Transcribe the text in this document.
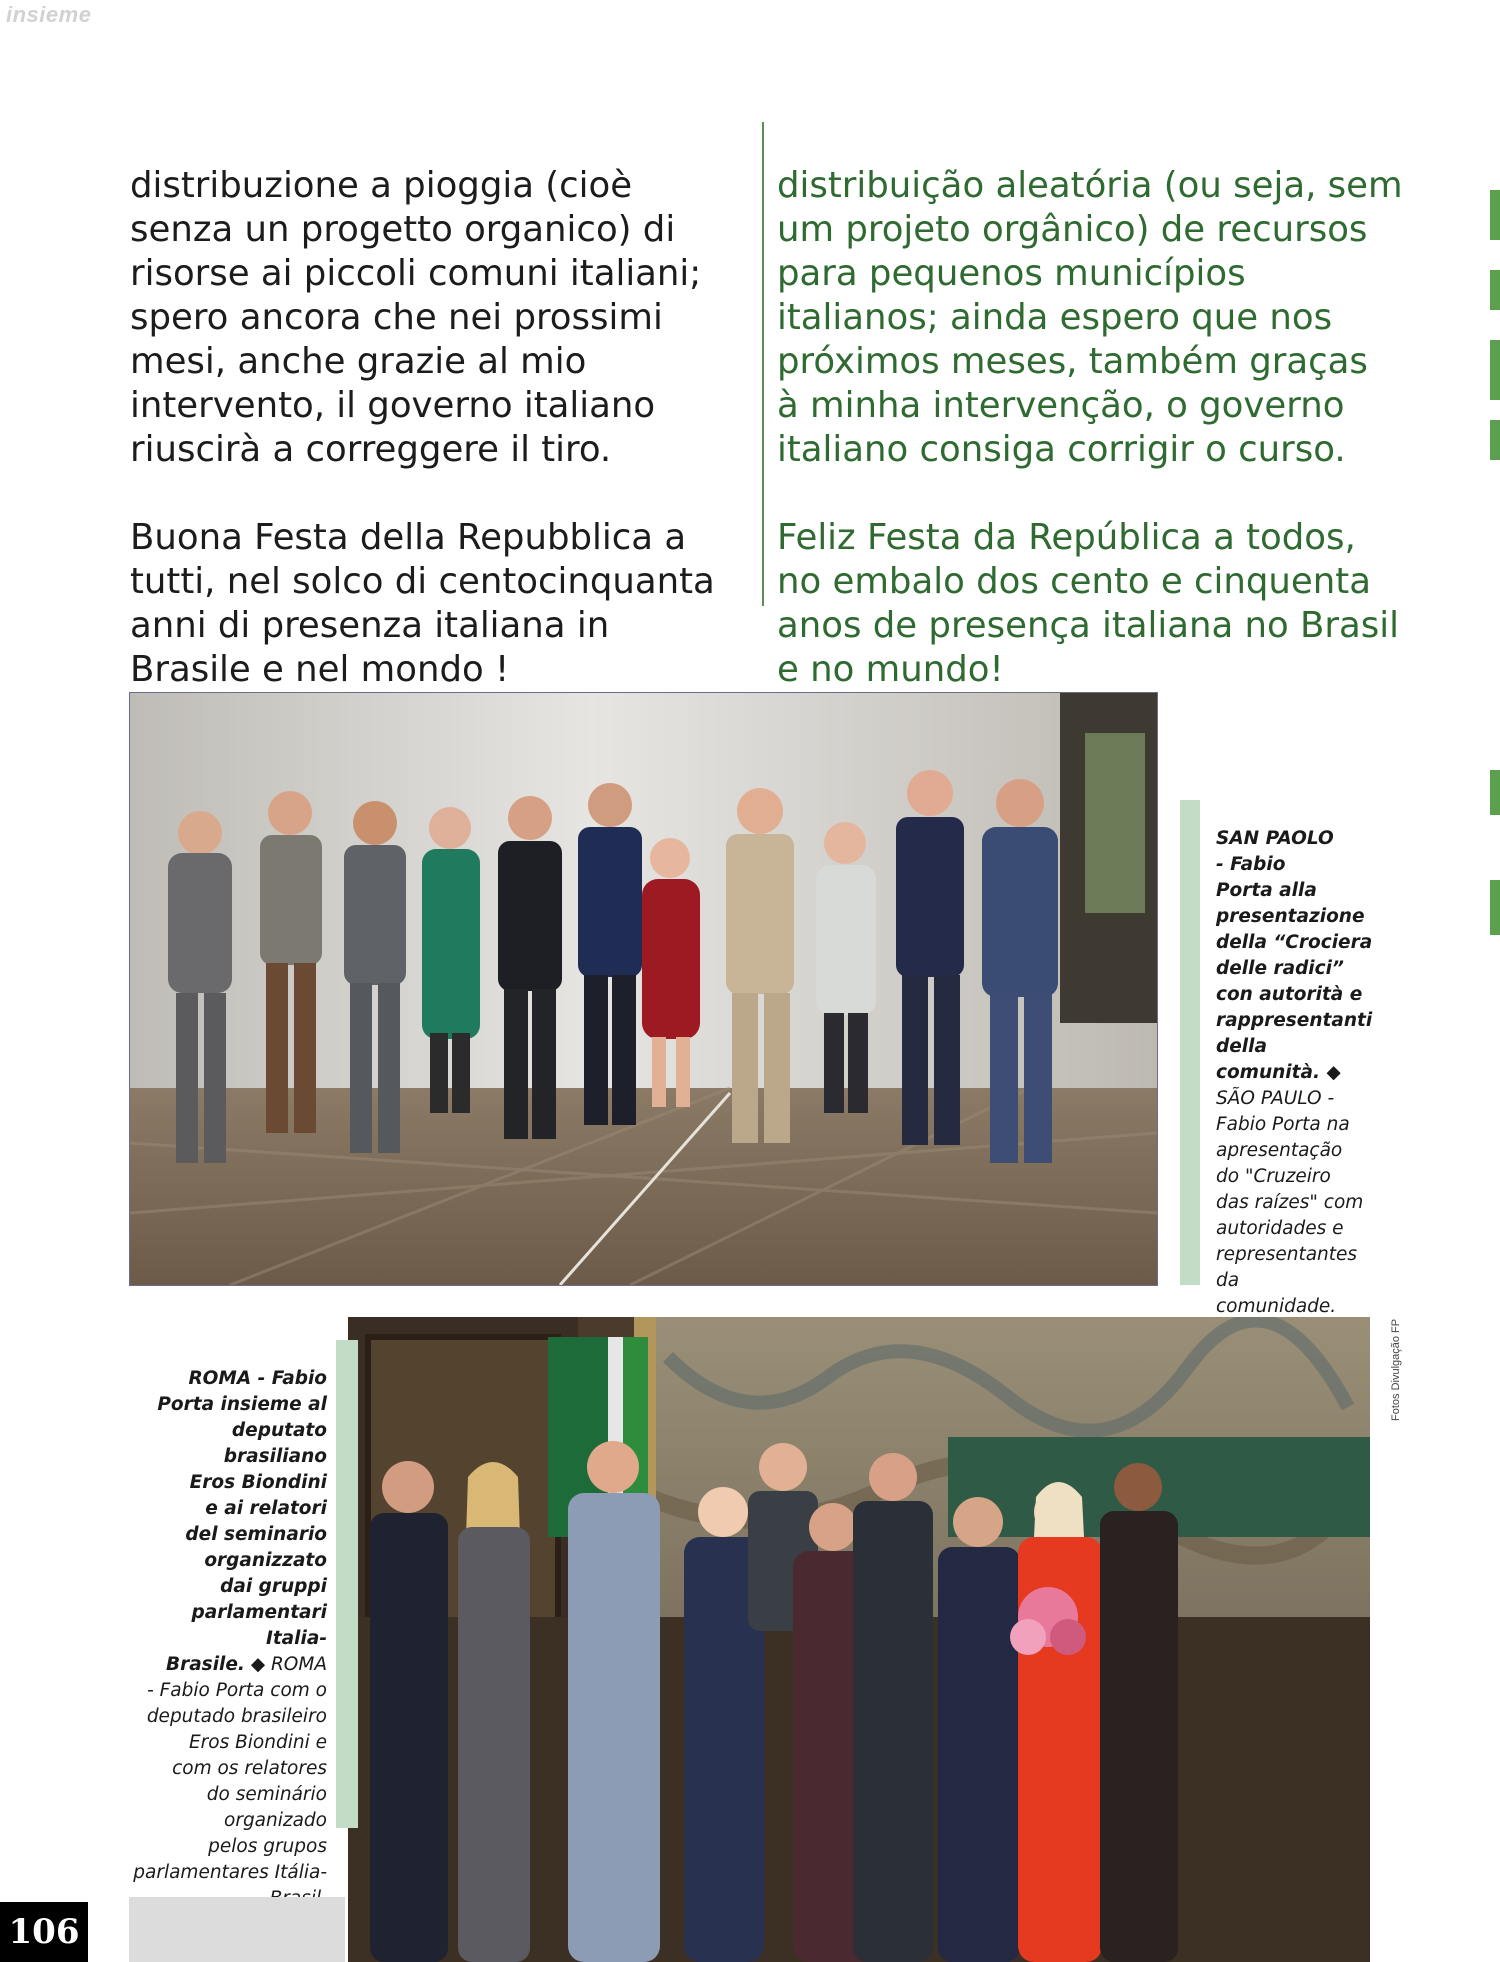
insieme

distribuzione a pioggia (cioè
senza un progetto organico) di
risorse ai piccoli comuni italiani;
spero ancora che nei prossimi
mesi, anche grazie al mio
intervento, il governo italiano
riuscirà a correggere il tiro.

Buona Festa della Repubblica a
tutti, nel solco di centocinquanta
anni di presenza italiana in
Brasile e nel mondo !

distribuição aleatória (ou seja, sem
um projeto orgânico) de recursos
para pequenos municípios
italianos; ainda espero que nos
próximos meses, também graças
à minha intervenção, o governo
italiano consiga corrigir o curso.

Feliz Festa da República a todos,
no embalo dos cento e cinquenta
anos de presença italiana no Brasil
e no mundo!

SAN PAOLO
- Fabio
Porta alla
presentazione
della “Crociera
delle radici”
con autorità e
rappresentanti
della
comunità. ◆
SÃO PAULO -
Fabio Porta na
apresentação
do "Cruzeiro
das raízes" com
autoridades e
representantes
da
comunidade.

Fotos Divulgação FP

ROMA - Fabio
Porta insieme al
deputato brasiliano
Eros Biondini
e ai relatori
del seminario
organizzato
dai gruppi
parlamentari Italia-
Brasile. ◆ ROMA
- Fabio Porta com o
deputado brasileiro
Eros Biondini e
com os relatores
do seminário
organizado
pelos grupos
parlamentares Itália-

106
